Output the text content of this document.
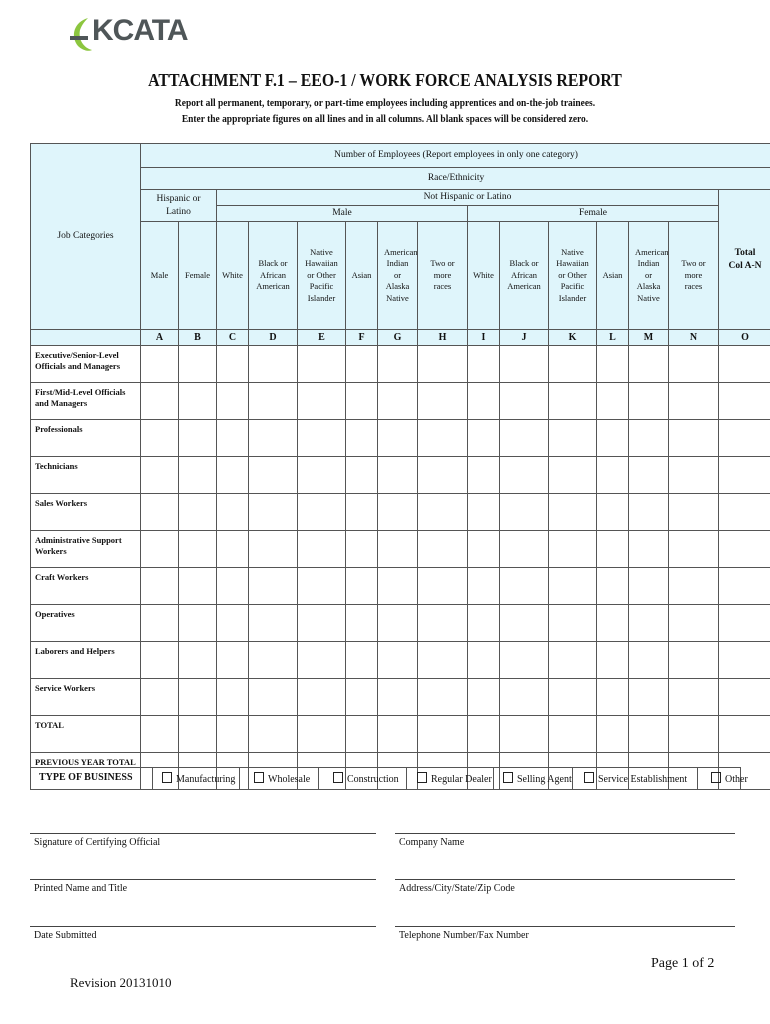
KCATA
ATTACHMENT F.1 – EEO-1 / WORK FORCE ANALYSIS REPORT
Report all permanent, temporary, or part-time employees including apprentices and on-the-job trainees.
Enter the appropriate figures on all lines and in all columns. All blank spaces will be considered zero.
Job Categories	Number of Employees (Report employees in only one category)														
	Race/Ethnicity														
	Hispanic or Latino		Not Hispanic or Latino												Total Col A-N
			Male						Female						
	Male	Female	White	Black or African American	Native Hawaiian or Other Pacific Islander	Asian	American Indian or Alaska Native	Two or more races	White	Black or African American	Native Hawaiian or Other Pacific Islander	Asian	American Indian or Alaska Native	Two or more races	
	A	B	C	D	E	F	G	H	I	J	K	L	M	N	O
Executive/Senior-Level Officials and Managers															
First/Mid-Level Officials and Managers															
Professionals															
Technicians															
Sales Workers															
Administrative Support Workers															
Craft Workers															
Operatives															
Laborers and Helpers															
Service Workers															
TOTAL															
PREVIOUS YEAR TOTAL															
TYPE OF BUSINESS	Manufacturing	Wholesale	Construction	Regular Dealer	Selling Agent	Service Establishment	Other
Signature of Certifying Official	Company Name
Printed Name and Title	Address/City/State/Zip Code
Date Submitted	Telephone Number/Fax Number
Page 1 of 2
Revision 20131010
